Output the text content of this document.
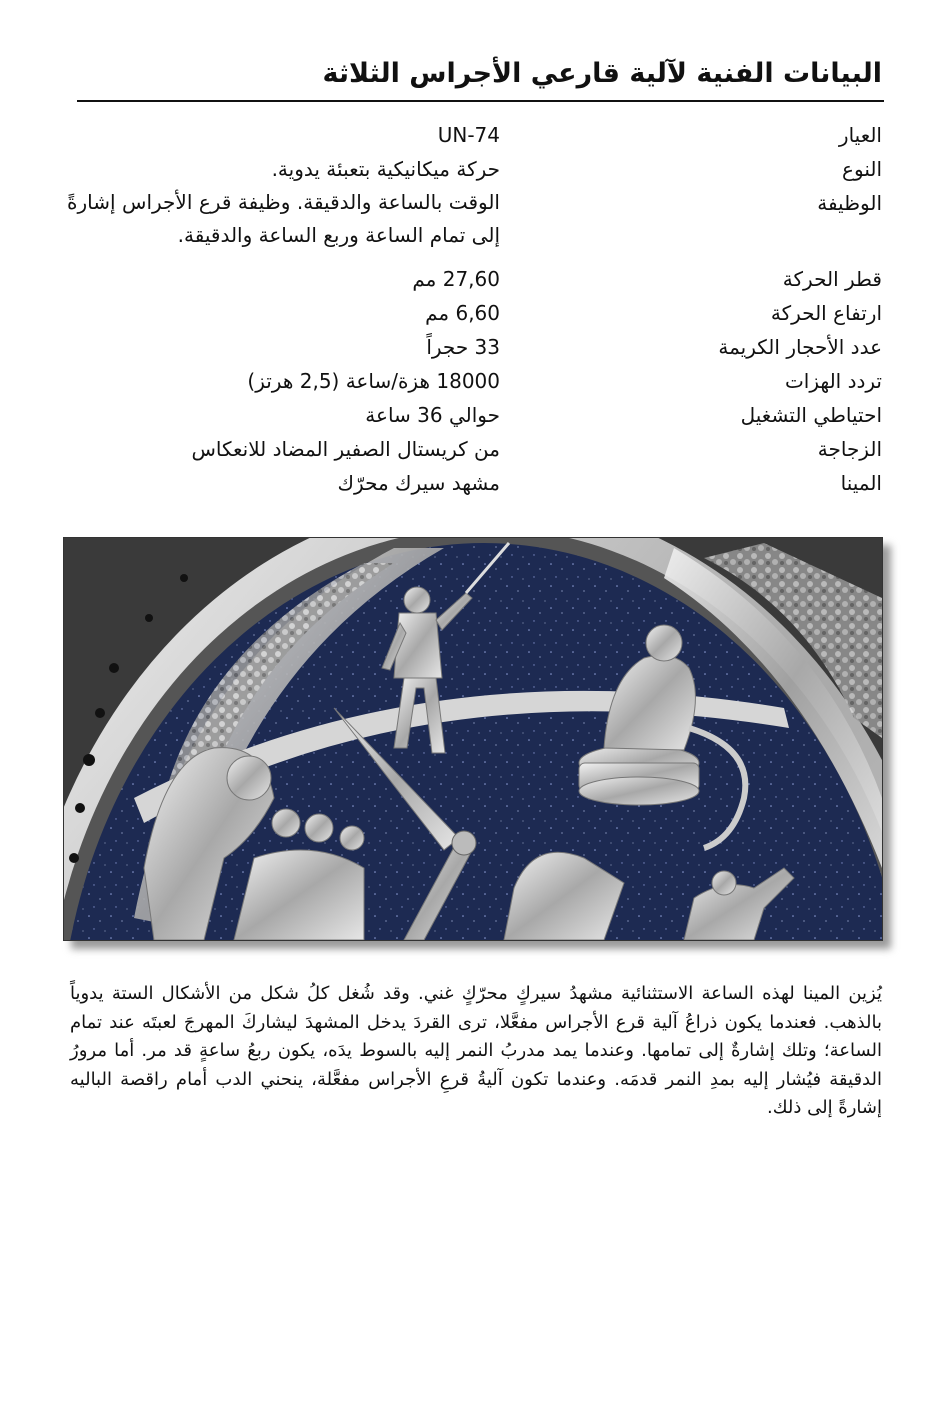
البيانات الفنية لآلية قارعي الأجراس الثلاثة
العيار
UN-74
النوع
حركة ميكانيكية بتعبئة يدوية.
الوظيفة
الوقت بالساعة والدقيقة. وظيفة قرع الأجراس إشارةً إلى تمام الساعة وربع الساعة والدقيقة.
قطر الحركة
27,60 مم
ارتفاع الحركة
6,60 مم
عدد الأحجار الكريمة
33 حجراً
تردد الهزات
18000 هزة/ساعة (2,5 هرتز)
احتياطي التشغيل
حوالي 36 ساعة
الزجاجة
من كريستال الصفير المضاد للانعكاس
المينا
مشهد سيرك محرّك

يُزين المينا لهذه الساعة الاستثنائية مشهدُ سيركٍ محرّكٍ غني. وقد شُغل كلُ شكل من الأشكال الستة يدوياً بالذهب. فعندما يكون ذراعُ آلية قرع الأجراس مفعَّلا، ترى القردَ يدخل المشهدَ ليشاركَ المهرجَ لعبتَه عند تمام الساعة؛ وتلك إشارةٌ إلى تمامها. وعندما يمد مدربُ النمر إليه بالسوط يدَه، يكون ربعُ ساعةٍ قد مر. أما مرورُ الدقيقة فيُشار إليه بمدِ النمر قدمَه. وعندما تكون آليةُ قرعِ الأجراس مفعَّلة، ينحني الدب أمام راقصة الباليه إشارةً إلى ذلك.
